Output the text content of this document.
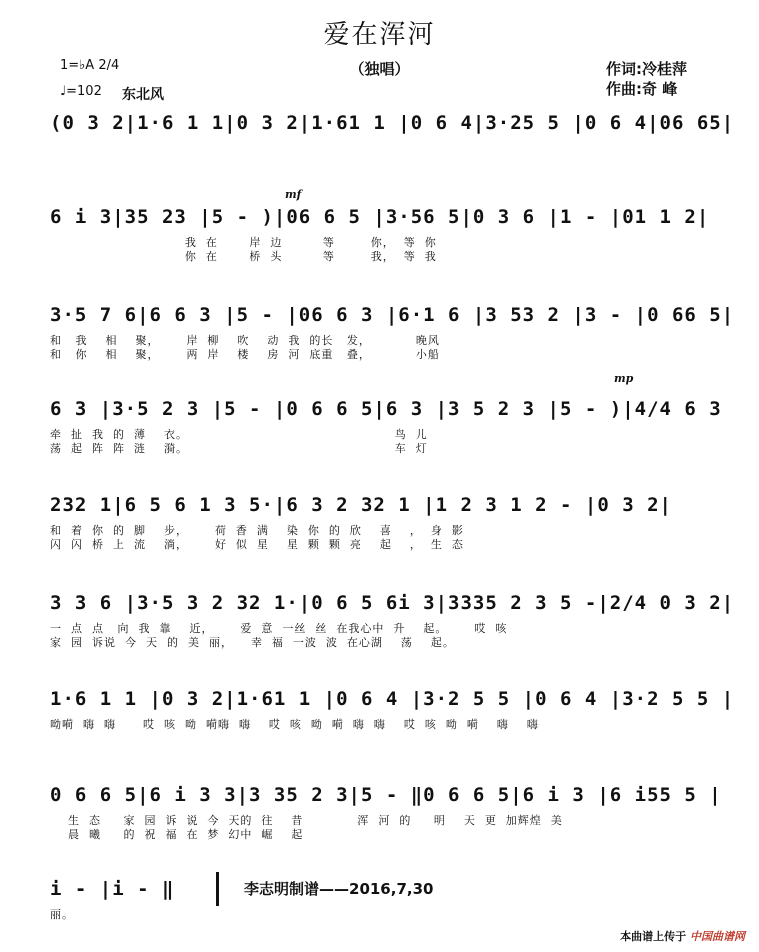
爱在浑河
（独唱）	作词:冷桂萍
作曲:奇 峰
1=♭A 2/4
♩=102 东北风
(0 3 2|1·6 1 1|0 3 2|1·61 1 |0 6 4|3·25 5 |0 6 4|06 65|
mf
6 i 3|35 23 |5 - )|06 6 5 |3·56 5|0 3 6 |1 - |01 1 2|
我  在       岸  边         等        你，  等  你
你  在       桥  头         等        我，  等  我
3·5 7 6|6 6 3 |5 - |06 6 3 |6·1 6 |3 53 2 |3 - |0 66 5|
和   我    相    聚，      岸  柳    吹    动  我  的长   发，          晚风
和   你    相    聚，      两  岸    楼    房  河  底重   叠，          小船
mp
6 3 |3·5 2 3 |5 - |0 6 6 5|6 3 |3 5 2 3 |5 - )|4/4 6 3
牵  扯  我  的  薄    衣。                                              鸟  儿
荡  起  阵  阵  涟    漪。                                              车  灯
232 1|6 5 6 1 3 5·|6 3 2 32 1 |1 2 3 1 2 - |0 3 2|
和  着  你  的  脚    步，      荷  香  满    染  你  的  欣    喜    ，  身  影
闪  闪  桥  上  流    淌，      好  似  星    星  颗  颗  亮    起    ，  生  态
3 3 6 |3·5 3 2 32 1·|0 6 5 6i 3|3335 2 3 5 -|2/4 0 3 2|
一  点  点   向  我  靠    近，      爱  意  一丝  丝  在我心中  升    起。      哎  咳
家  园  诉说  今  天  的  美  丽，    幸  福  一波  波  在心湖    荡    起。
1·6 1 1 |0 3 2|1·61 1 |0 6 4 |3·2 5 5 |0 6 4 |3·2 5 5 |
呦嗬  嗨  嗨      哎  咳  呦  嗬嗨  嗨    哎  咳  呦  嗬  嗨  嗨    哎  咳  呦  嗬    嗨    嗨
0 6 6 5|6 i 3 3|3 35 2 3|5 - ‖0 6 6 5|6 i 3 |6 i55 5 |
生  态     家  园  诉  说  今  天的  往    昔            浑  河  的     明    天  更  加辉煌  美
晨  曦     的  祝  福  在  梦  幻中  崛    起
i - |i - ‖
丽。
李志明制谱——2016,7,30
本曲谱上传于 中国曲谱网
